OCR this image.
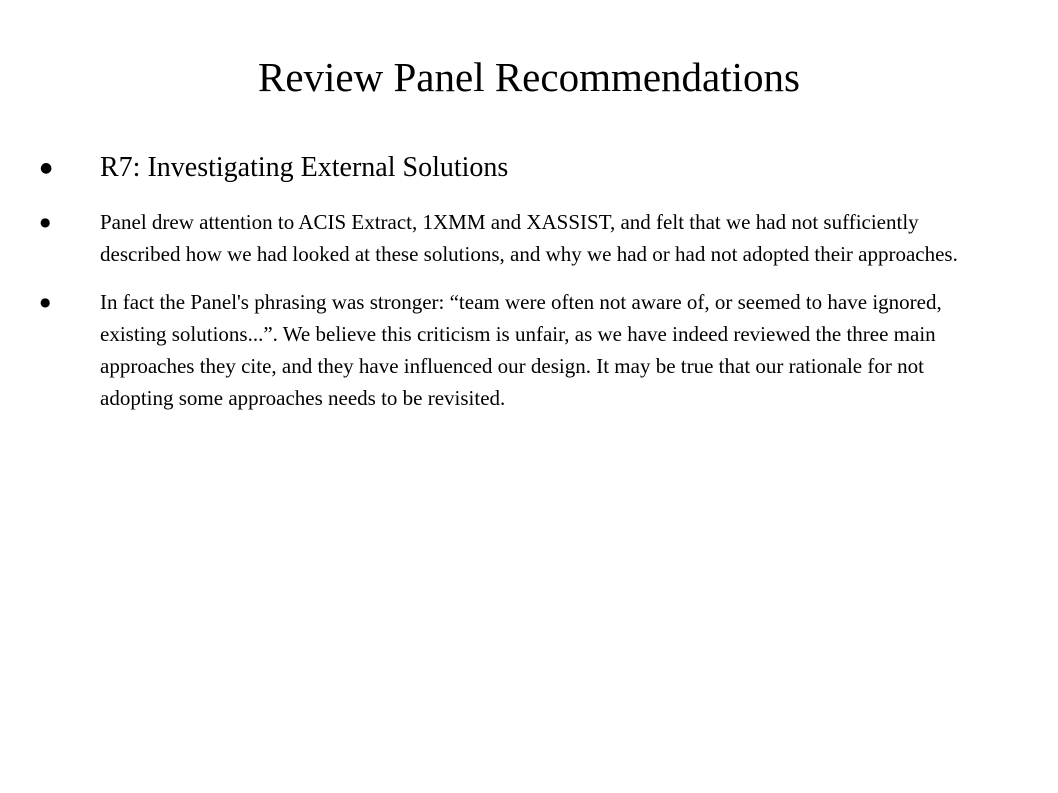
Review Panel Recommendations
● R7: Investigating External Solutions
● Panel drew attention to ACIS Extract, 1XMM and XASSIST, and felt that we had not sufficiently described how we had looked at these solutions, and why we had or had not adopted their approaches.
● In fact the Panel's phrasing was stronger: “team were often not aware of, or seemed to have ignored, existing solutions...”. We believe this criticism is unfair, as we have indeed reviewed the three main approaches they cite, and they have influenced our design. It may be true that our rationale for not adopting some approaches needs to be revisited.
